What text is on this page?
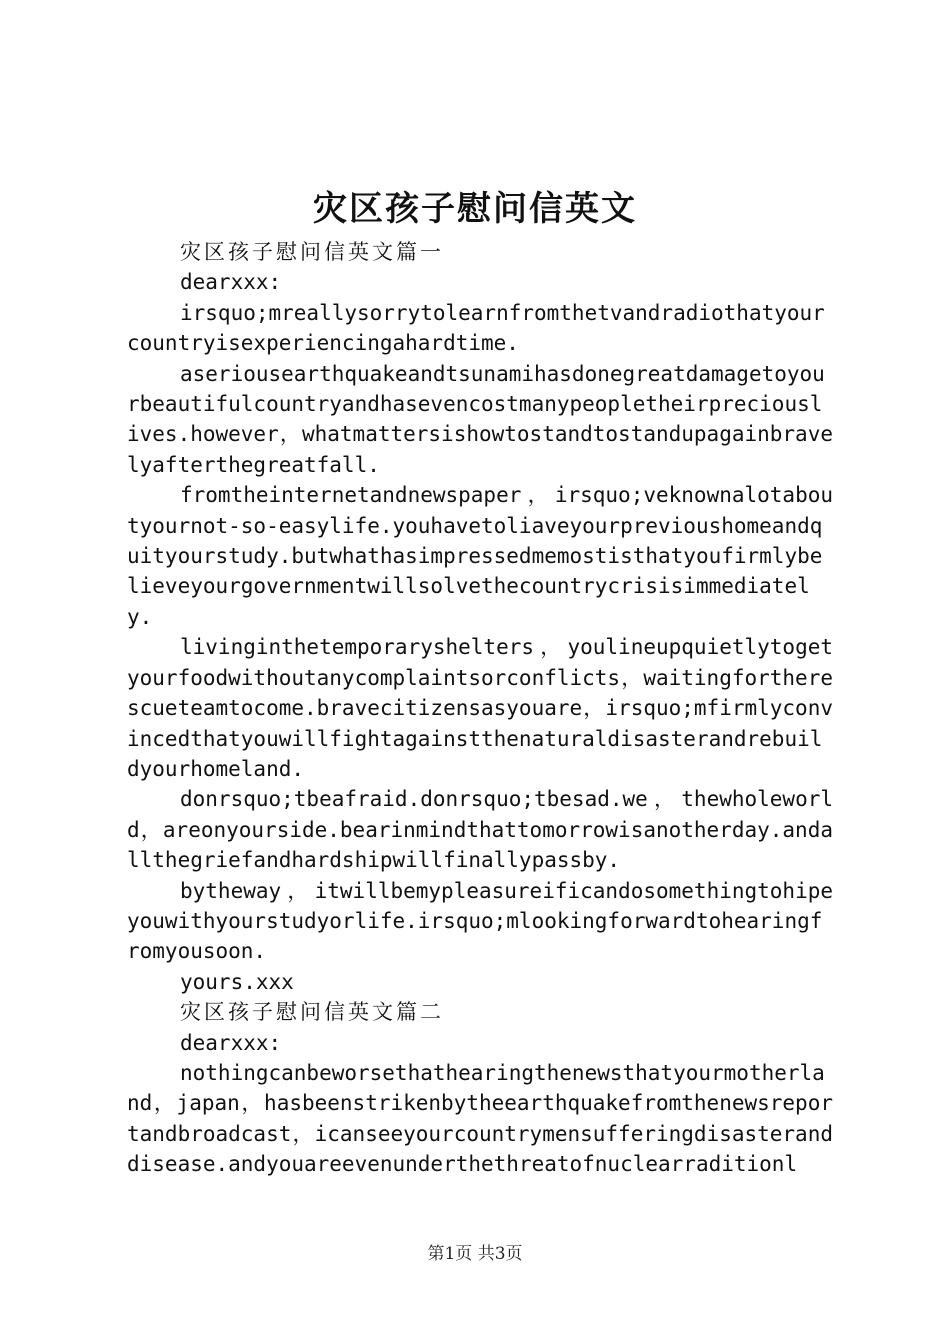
灾区孩子慰问信英文

灾区孩子慰问信英文篇一

dearxxx:

irsquo;mreallysorrytolearnfromthetvandradiothatyourcountryisexperiencingahardtime.

aseriousearthquakeandtsunamihasdonegreatdamagetoyourbeautifulcountryandhasevencostmanypeopletheirpreciouslives.however，whatmattersishowtostandtostandupagainbravelyafterthegreatfall.

fromtheinternetandnewspaper，irsquo;veknownalotaboutyournot-so-easylife.youhavetoliaveyourprevioushomeandquityourstudy.butwhathasimpressedmemostisthatyoufirmlybelieveyourgovernmentwillsolvethecountrycrisisimmediately.

livinginthetemporaryshelters，youlineupquietlytogetyourfoodwithoutanycomplaintsorconflicts，waitingfortherescueteamtocome.bravecitizensasyouare，irsquo;mfirmlyconvincedthatyouwillfightagainstthenaturaldisasterandrebuildyourhomeland.

donrsquo;tbeafraid.donrsquo;tbesad.we，thewholeworld，areonyourside.bearinmindthattomorrowisanotherday.andallthegriefandhardshipwillfinallypassby.

bytheway，itwillbemypleasureificandosomethingtohipeyouwithyourstudyorlife.irsquo;mlookingforwardtohearingfromyousoon.

yours.xxx

灾区孩子慰问信英文篇二

dearxxx:

nothingcanbeworsethathearingthenewsthatyourmotherland，japan，hasbeenstrikenbytheearthquakefromthenewsreportandbroadcast，icanseeyourcountrymensufferingdisasteranddisease.andyouareevenunderthethreatofnuclearraditionl

第1页 共3页
